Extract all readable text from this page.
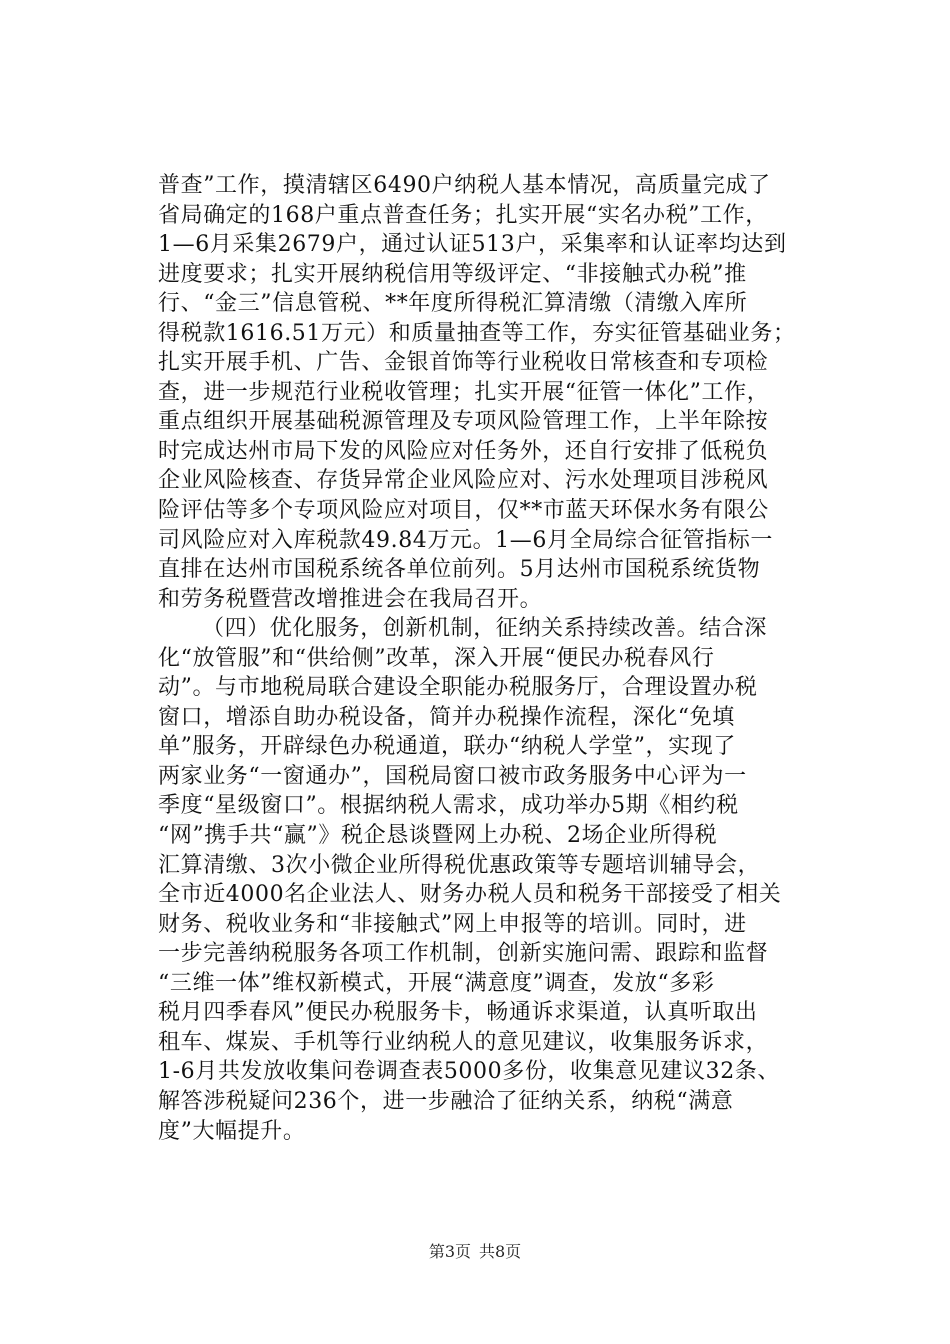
普查”工作，摸清辖区6490户纳税人基本情况，高质量完成了
省局确定的168户重点普查任务；扎实开展“实名办税”工作，
1—6月采集2679户，通过认证513户，采集率和认证率均达到
进度要求；扎实开展纳税信用等级评定、“非接触式办税”推
行、“金三”信息管税、**年度所得税汇算清缴（清缴入库所
得税款1616.51万元）和质量抽查等工作，夯实征管基础业务；
扎实开展手机、广告、金银首饰等行业税收日常核查和专项检
查，进一步规范行业税收管理；扎实开展“征管一体化”工作，
重点组织开展基础税源管理及专项风险管理工作，上半年除按
时完成达州市局下发的风险应对任务外，还自行安排了低税负
企业风险核查、存货异常企业风险应对、污水处理项目涉税风
险评估等多个专项风险应对项目，仅**市蓝天环保水务有限公
司风险应对入库税款49.84万元。1—6月全局综合征管指标一
直排在达州市国税系统各单位前列。5月达州市国税系统货物
和劳务税暨营改增推进会在我局召开。
（四）优化服务，创新机制，征纳关系持续改善。结合深
化“放管服”和“供给侧”改革，深入开展“便民办税春风行
动”。与市地税局联合建设全职能办税服务厅，合理设置办税
窗口，增添自助办税设备，简并办税操作流程，深化“免填
单”服务，开辟绿色办税通道，联办“纳税人学堂”，实现了
两家业务“一窗通办”，国税局窗口被市政务服务中心评为一
季度“星级窗口”。根据纳税人需求，成功举办5期《相约税
“网”携手共“赢”》税企恳谈暨网上办税、2场企业所得税
汇算清缴、3次小微企业所得税优惠政策等专题培训辅导会，
全市近4000名企业法人、财务办税人员和税务干部接受了相关
财务、税收业务和“非接触式”网上申报等的培训。同时，进
一步完善纳税服务各项工作机制，创新实施问需、跟踪和监督
“三维一体”维权新模式，开展“满意度”调查，发放“多彩
税月四季春风”便民办税服务卡，畅通诉求渠道，认真听取出
租车、煤炭、手机等行业纳税人的意见建议，收集服务诉求，
1-6月共发放收集问卷调查表5000多份，收集意见建议32条、
解答涉税疑问236个，进一步融洽了征纳关系，纳税“满意
度”大幅提升。
第3页 共8页
